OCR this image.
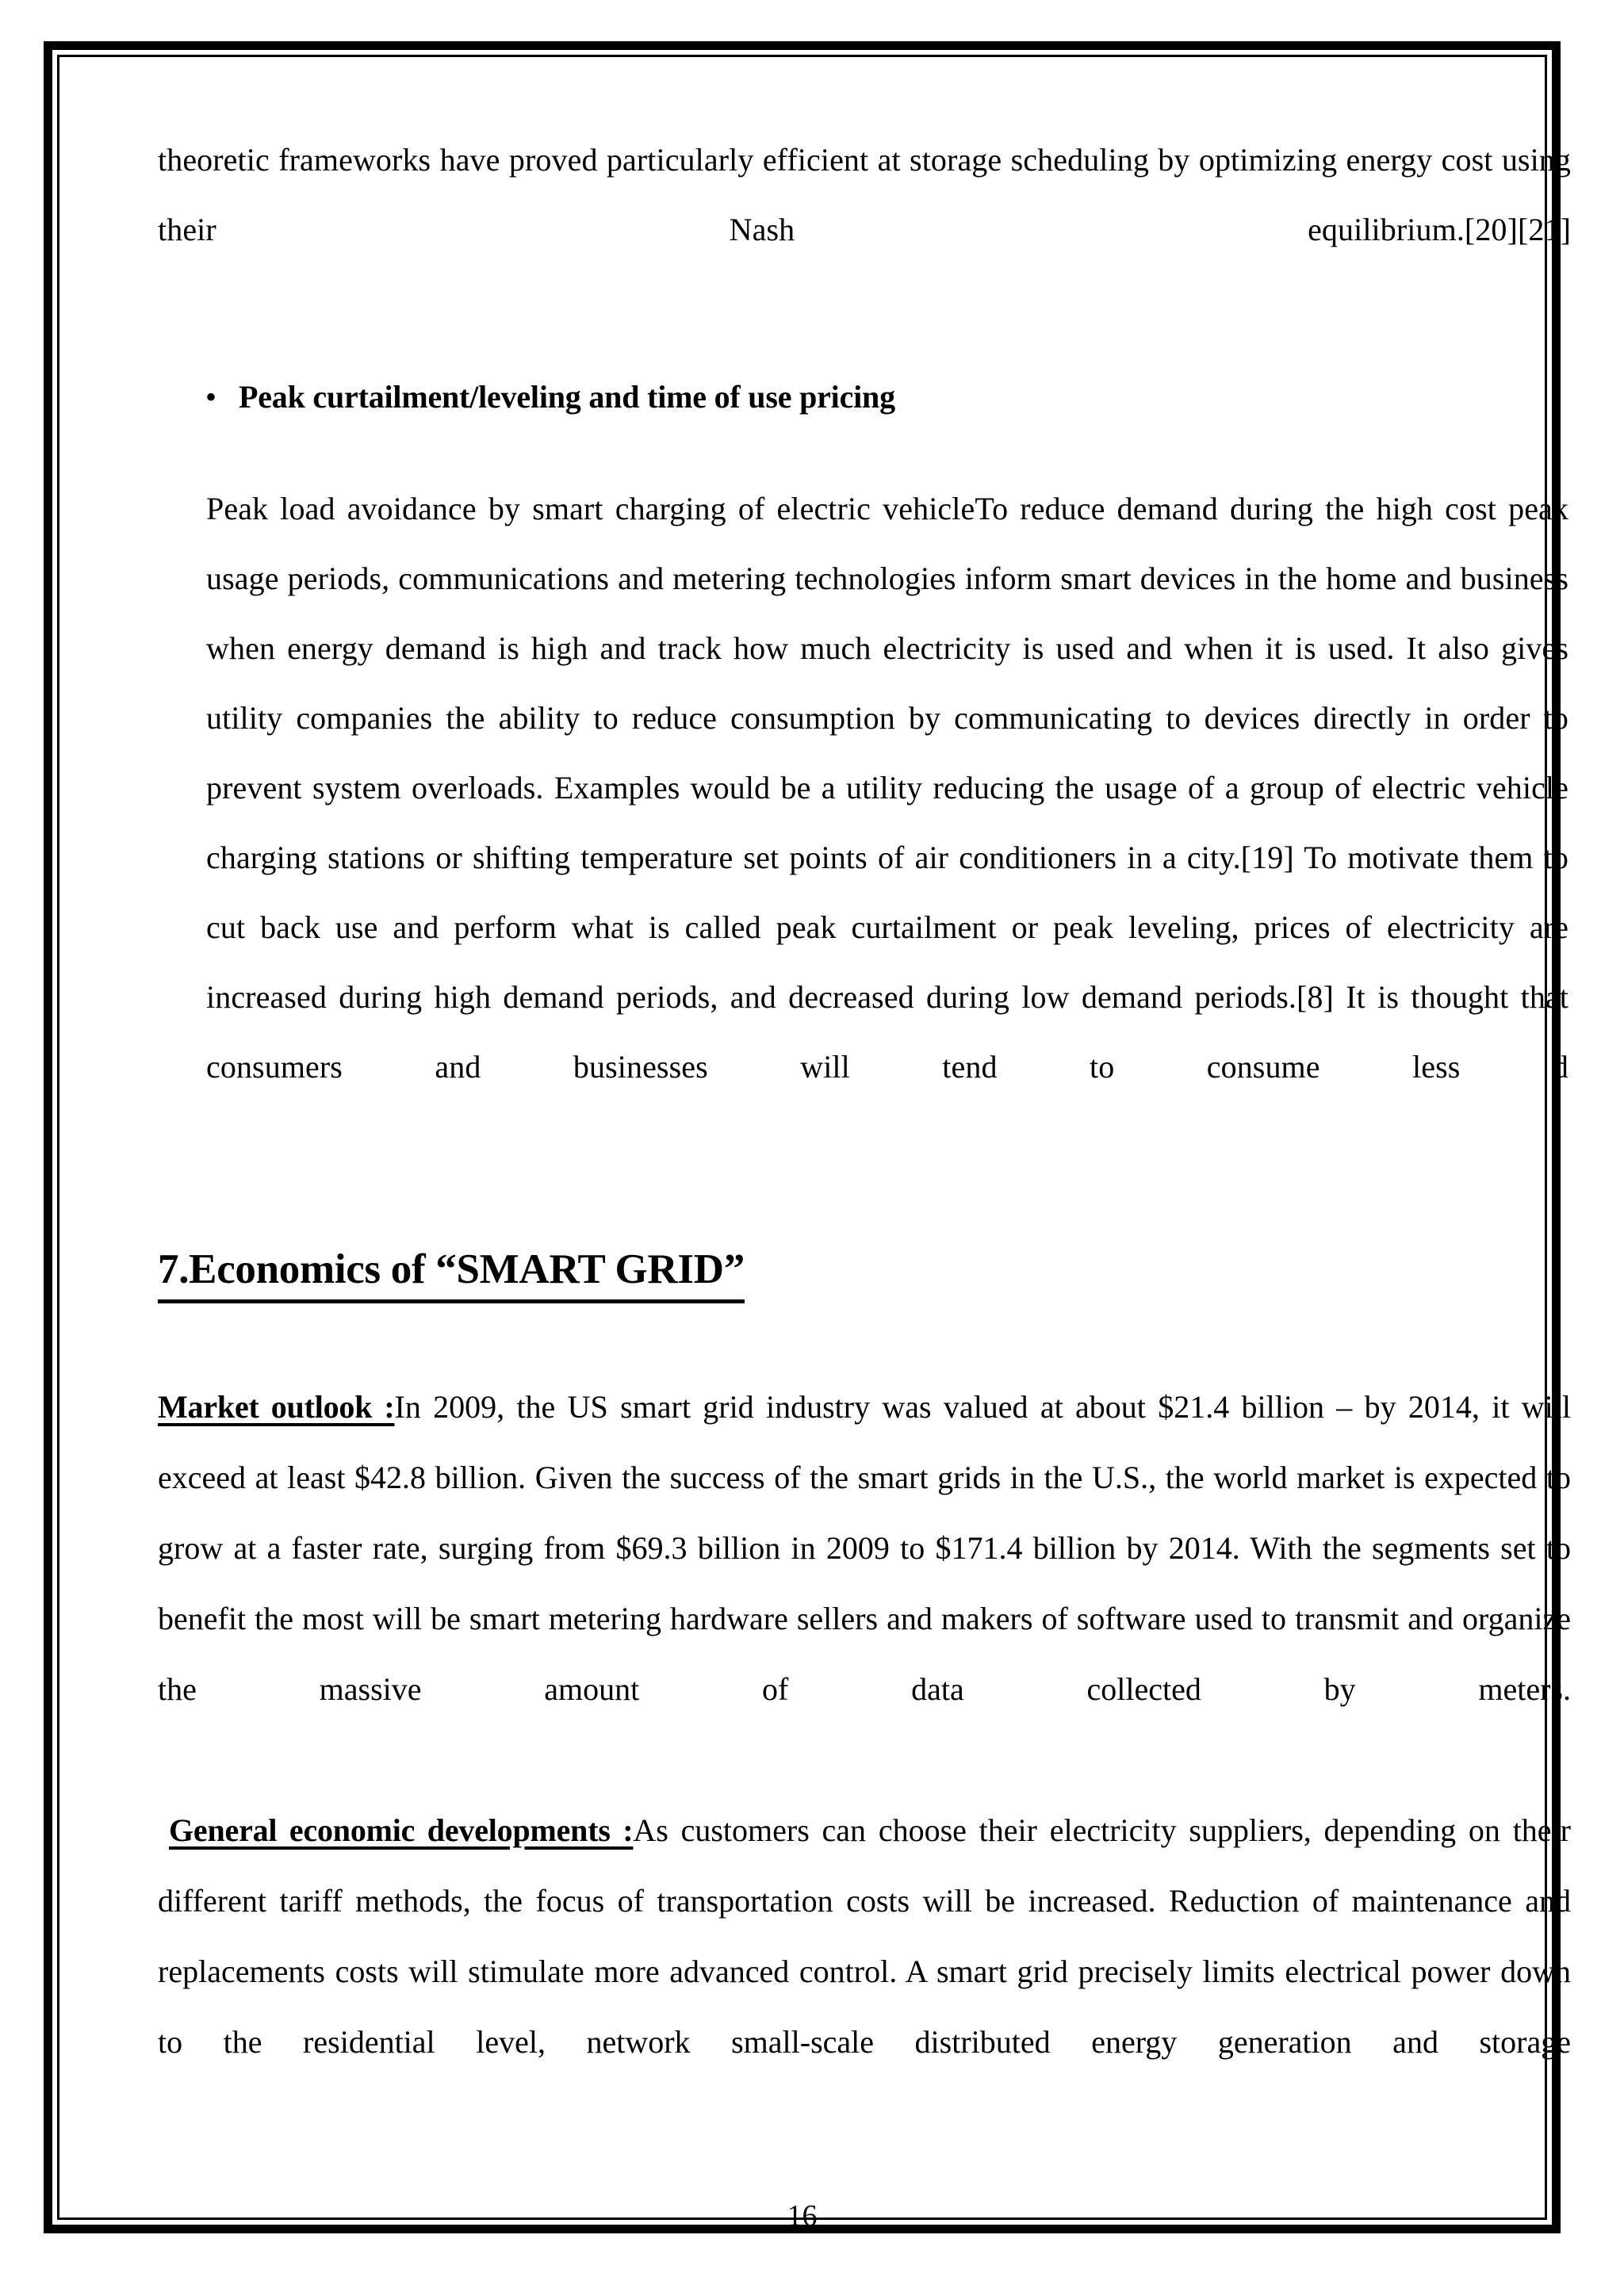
theoretic frameworks have proved particularly efficient at storage scheduling by optimizing energy cost using their Nash equilibrium.[20][21]

• Peak curtailment/leveling and time of use pricing

Peak load avoidance by smart charging of electric vehicleTo reduce demand during the high cost peak usage periods, communications and metering technologies inform smart devices in the home and business when energy demand is high and track how much electricity is used and when it is used. It also gives utility companies the ability to reduce consumption by communicating to devices directly in order to prevent system overloads. Examples would be a utility reducing the usage of a group of electric vehicle charging stations or shifting temperature set points of air conditioners in a city.[19] To motivate them to cut back use and perform what is called peak curtailment or peak leveling, prices of electricity are increased during high demand periods, and decreased during low demand periods.[8] It is thought that consumers and businesses will tend to consume less d

7.Economics of “SMART GRID”

Market outlook :In 2009, the US smart grid industry was valued at about $21.4 billion – by 2014, it will exceed at least $42.8 billion. Given the success of the smart grids in the U.S., the world market is expected to grow at a faster rate, surging from $69.3 billion in 2009 to $171.4 billion by 2014. With the segments set to benefit the most will be smart metering hardware sellers and makers of software used to transmit and organize the massive amount of data collected by meters.

General economic developments :As customers can choose their electricity suppliers, depending on their different tariff methods, the focus of transportation costs will be increased. Reduction of maintenance and replacements costs will stimulate more advanced control. A smart grid precisely limits electrical power down to the residential level, network small-scale distributed energy generation and storage

16
